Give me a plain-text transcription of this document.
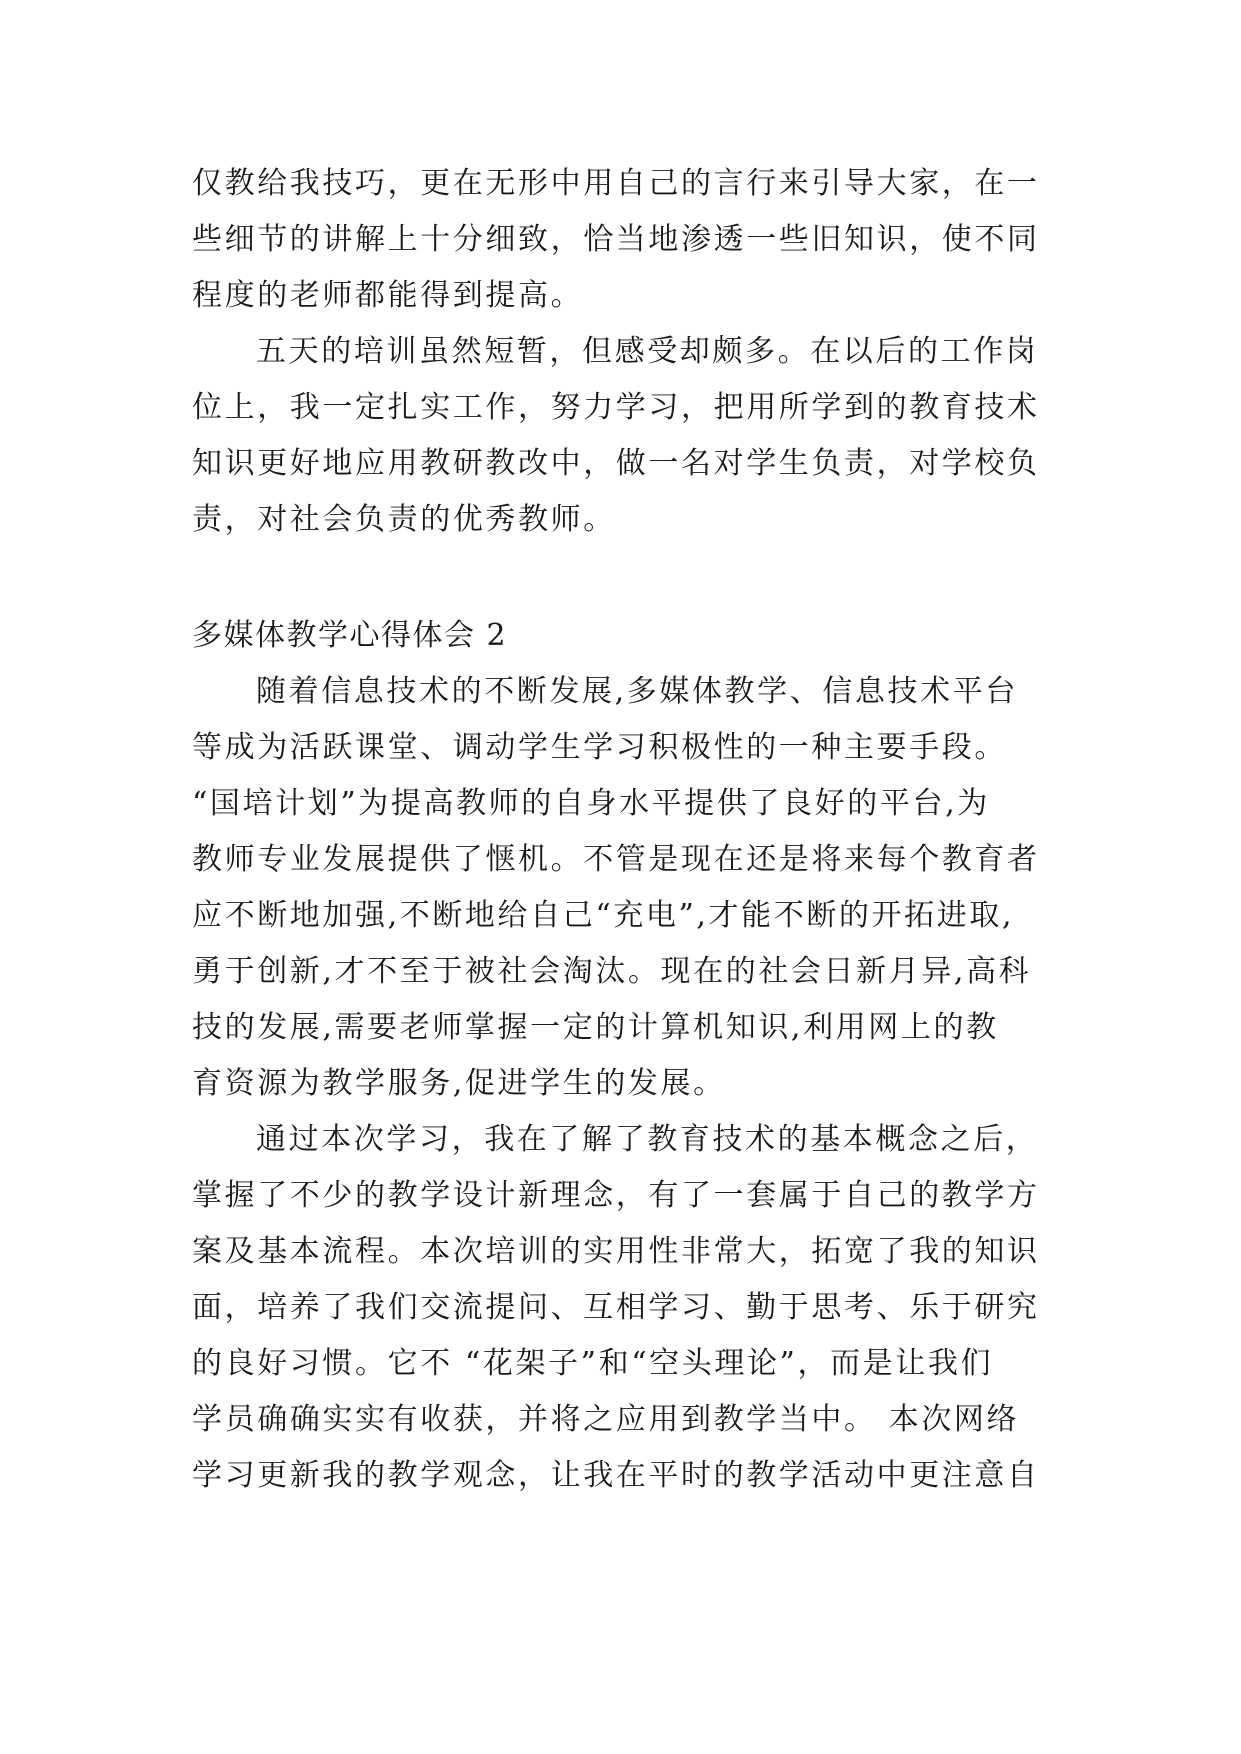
仅教给我技巧，更在无形中用自己的言行来引导大家，在一
些细节的讲解上十分细致，恰当地渗透一些旧知识，使不同
程度的老师都能得到提高。
五天的培训虽然短暂，但感受却颇多。在以后的工作岗
位上，我一定扎实工作，努力学习，把用所学到的教育技术
知识更好地应用教研教改中，做一名对学生负责，对学校负
责，对社会负责的优秀教师。
多媒体教学心得体会 2
随着信息技术的不断发展,多媒体教学、信息技术平台
等成为活跃课堂、调动学生学习积极性的一种主要手段。
“国培计划”为提高教师的自身水平提供了良好的平台,为
教师专业发展提供了惬机。不管是现在还是将来每个教育者
应不断地加强,不断地给自己“充电”,才能不断的开拓进取,
勇于创新,才不至于被社会淘汰。现在的社会日新月异,高科
技的发展,需要老师掌握一定的计算机知识,利用网上的教
育资源为教学服务,促进学生的发展。
通过本次学习，我在了解了教育技术的基本概念之后，
掌握了不少的教学设计新理念，有了一套属于自己的教学方
案及基本流程。本次培训的实用性非常大，拓宽了我的知识
面，培养了我们交流提问、互相学习、勤于思考、乐于研究
的良好习惯。它不 “花架子”和“空头理论”，而是让我们
学员确确实实有收获，并将之应用到教学当中。 本次网络
学习更新我的教学观念，让我在平时的教学活动中更注意自
